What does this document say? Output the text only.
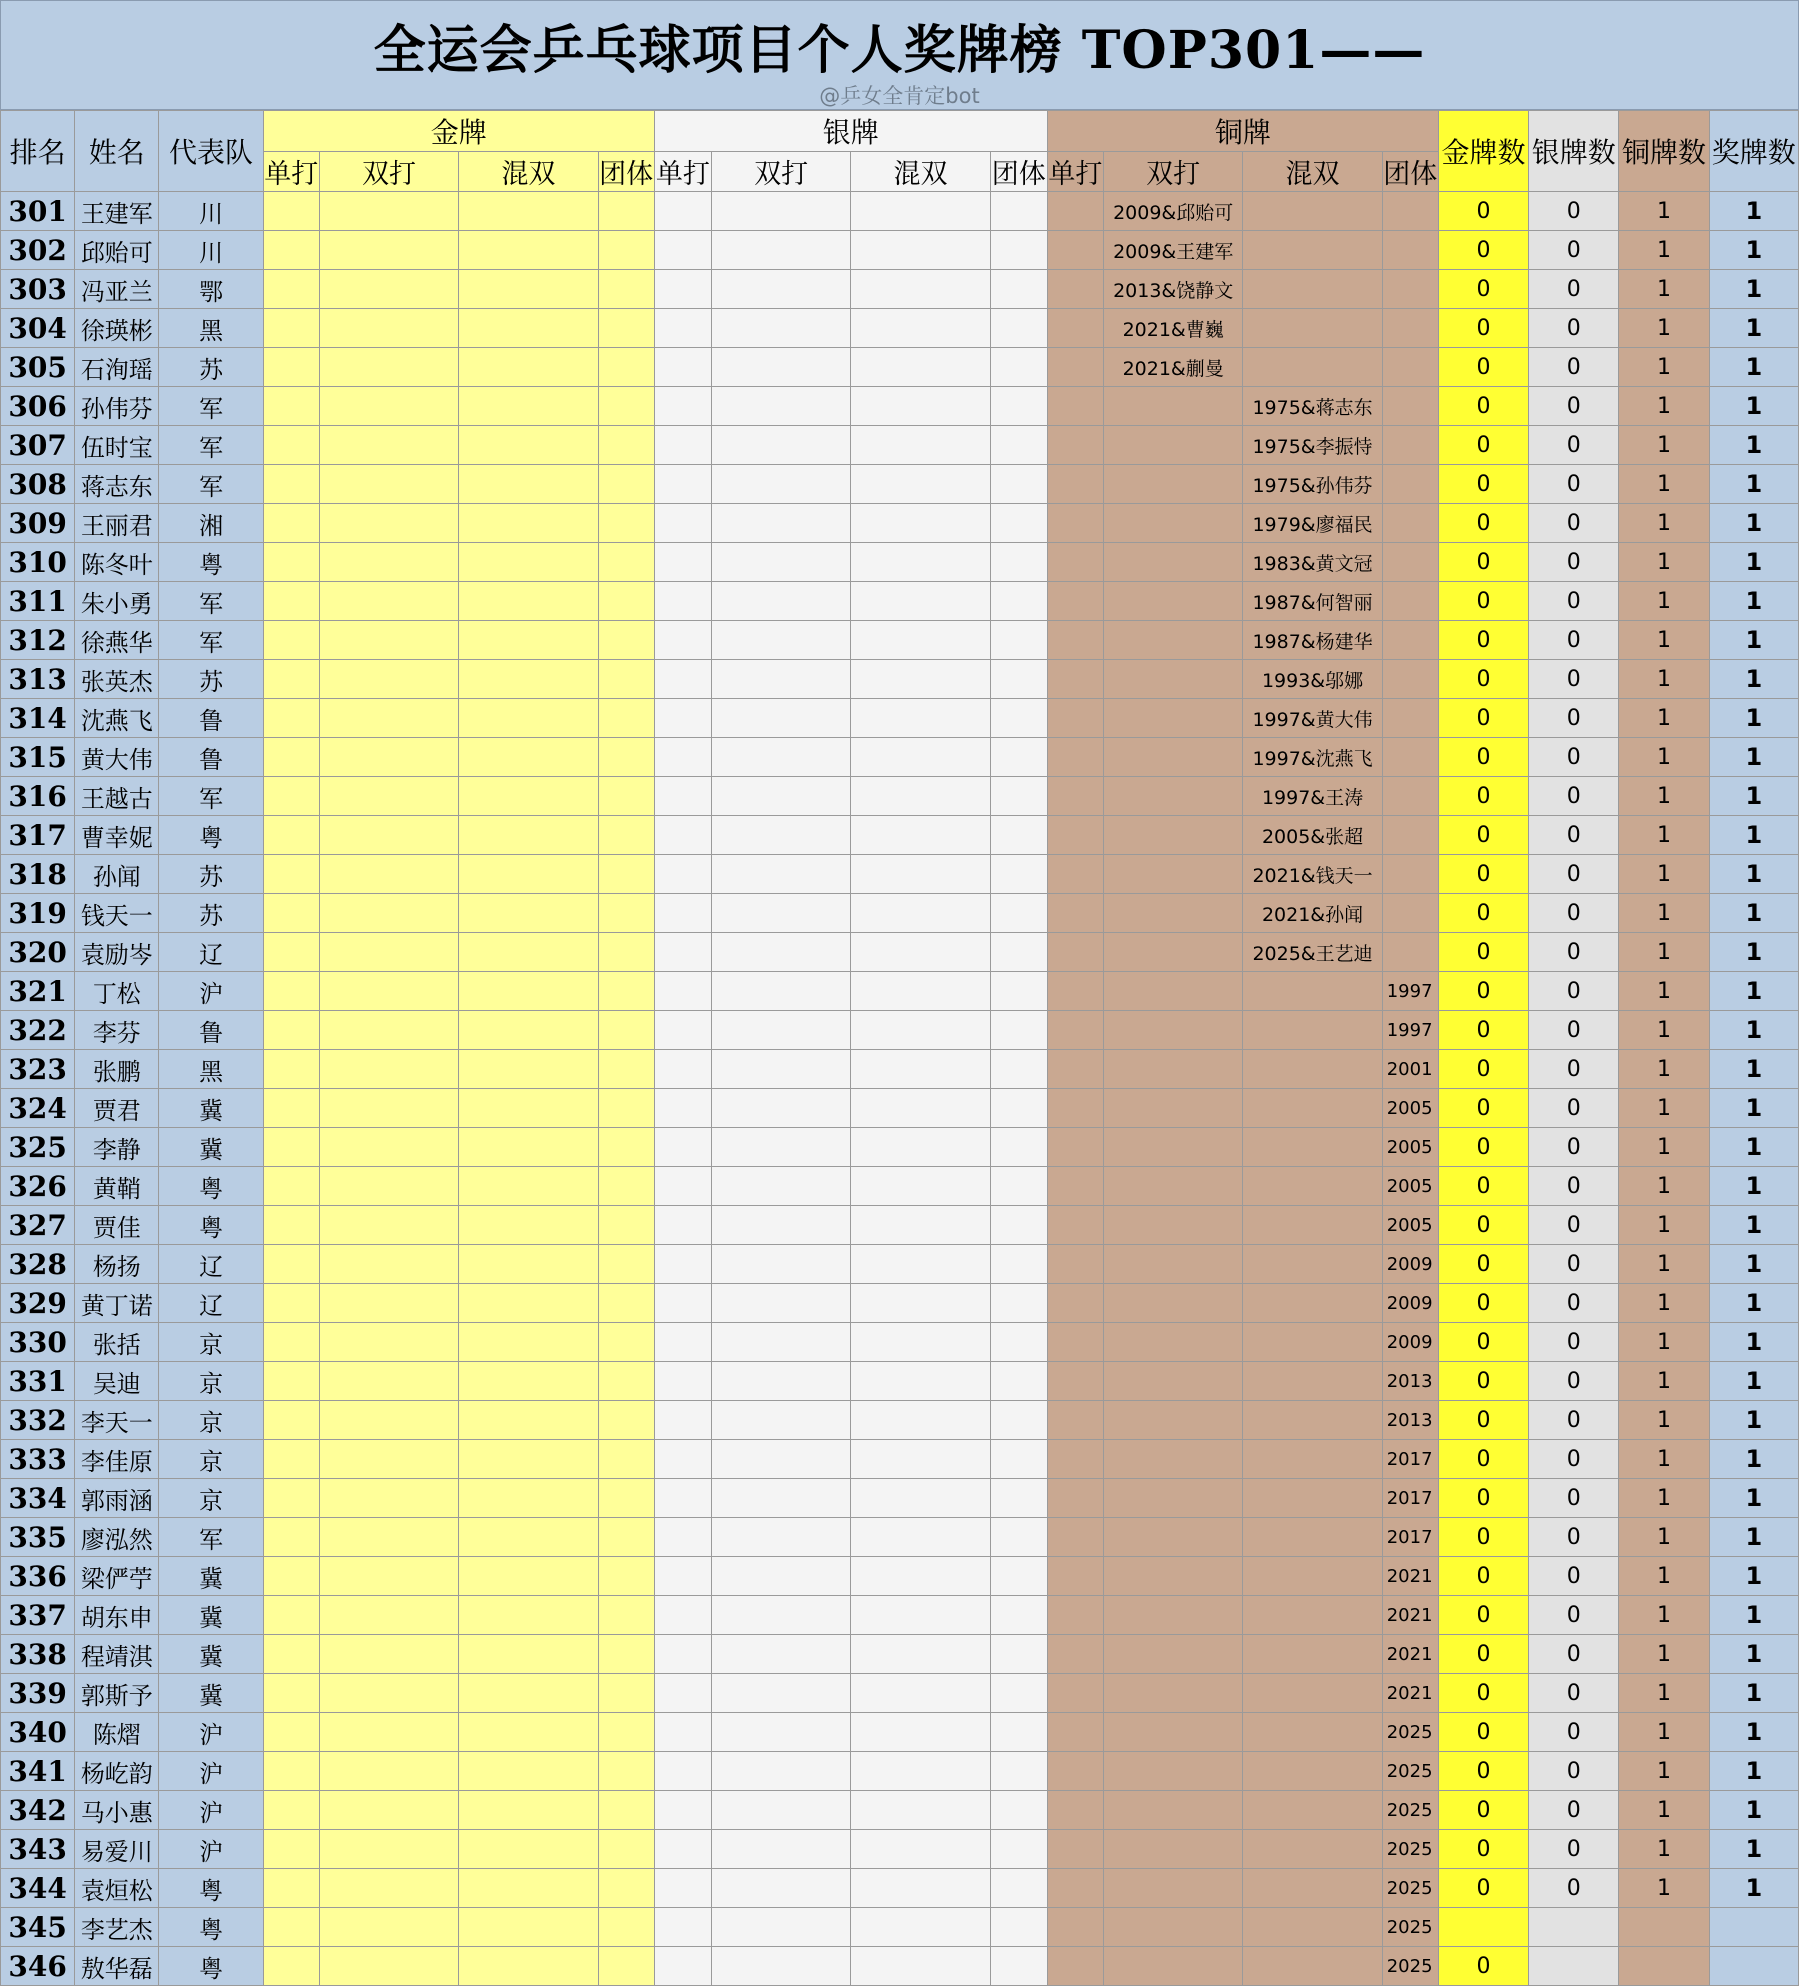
全运会乒乓球项目个人奖牌榜 TOP301——
@乒女全肯定bot
排名	姓名	代表队	金牌				银牌				铜牌				金牌数	银牌数	铜牌数	奖牌数
			单打	双打	混双	团体	单打	双打	混双	团体	单打	双打	混双	团体				
301	王建军	川										2009&邱贻可			0	0	1	1
302	邱贻可	川										2009&王建军			0	0	1	1
303	冯亚兰	鄂										2013&饶静文			0	0	1	1
304	徐瑛彬	黑										2021&曹巍			0	0	1	1
305	石洵瑶	苏										2021&蒯曼			0	0	1	1
306	孙伟芬	军											1975&蒋志东		0	0	1	1
307	伍时宝	军											1975&李振恃		0	0	1	1
308	蒋志东	军											1975&孙伟芬		0	0	1	1
309	王丽君	湘											1979&廖福民		0	0	1	1
310	陈冬叶	粤											1983&黄文冠		0	0	1	1
311	朱小勇	军											1987&何智丽		0	0	1	1
312	徐燕华	军											1987&杨建华		0	0	1	1
313	张英杰	苏											1993&邬娜		0	0	1	1
314	沈燕飞	鲁											1997&黄大伟		0	0	1	1
315	黄大伟	鲁											1997&沈燕飞		0	0	1	1
316	王越古	军											1997&王涛		0	0	1	1
317	曹幸妮	粤											2005&张超		0	0	1	1
318	孙闻	苏											2021&钱天一		0	0	1	1
319	钱天一	苏											2021&孙闻		0	0	1	1
320	袁励岑	辽											2025&王艺迪		0	0	1	1
321	丁松	沪												1997	0	0	1	1
322	李芬	鲁												1997	0	0	1	1
323	张鹏	黑												2001	0	0	1	1
324	贾君	冀												2005	0	0	1	1
325	李静	冀												2005	0	0	1	1
326	黄鞘	粤												2005	0	0	1	1
327	贾佳	粤												2005	0	0	1	1
328	杨扬	辽												2009	0	0	1	1
329	黄丁诺	辽												2009	0	0	1	1
330	张括	京												2009	0	0	1	1
331	吴迪	京												2013	0	0	1	1
332	李天一	京												2013	0	0	1	1
333	李佳原	京												2017	0	0	1	1
334	郭雨涵	京												2017	0	0	1	1
335	廖泓然	军												2017	0	0	1	1
336	梁俨苧	冀												2021	0	0	1	1
337	胡东申	冀												2021	0	0	1	1
338	程靖淇	冀												2021	0	0	1	1
339	郭斯予	冀												2021	0	0	1	1
340	陈熠	沪												2025	0	0	1	1
341	杨屹韵	沪												2025	0	0	1	1
342	马小惠	沪												2025	0	0	1	1
343	易爱川	沪												2025	0	0	1	1
344	袁烜松	粤												2025	0	0	1	1
345	李艺杰	粤												2025				
346	敖华磊	粤												2025	0			
